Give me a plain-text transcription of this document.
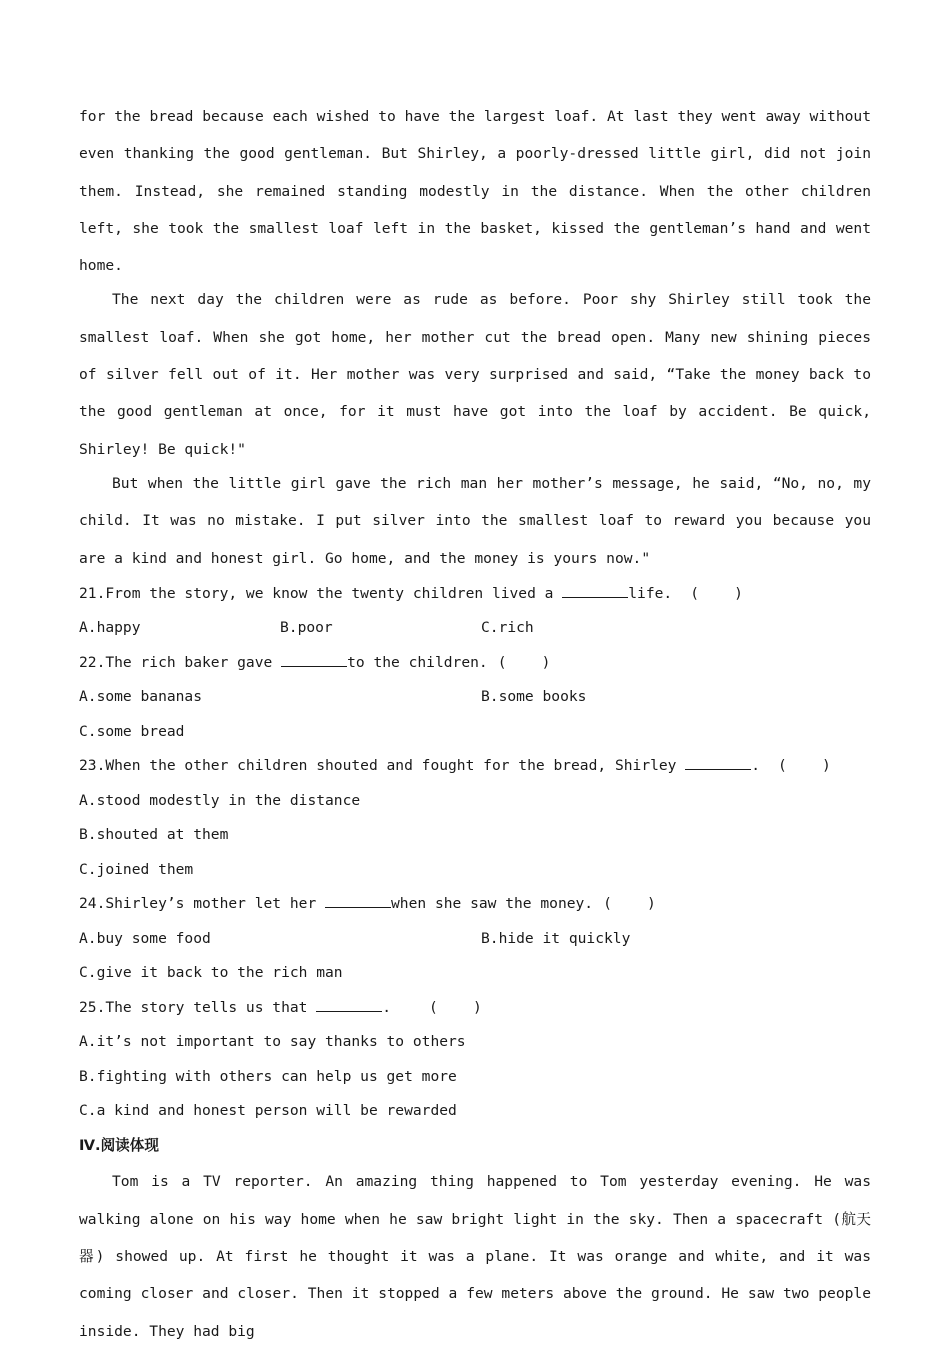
for the bread because each wished to have the largest loaf. At last they went away without even thanking the good gentleman. But Shirley, a poorly-dressed little girl, did not join them. Instead, she remained standing modestly in the distance. When the other children left, she took the smallest loaf left in the basket, kissed the gentleman’s hand and went home.

The next day the children were as rude as before. Poor shy Shirley still took the smallest loaf. When she got home, her mother cut the bread open. Many new shining pieces of silver fell out of it. Her mother was very surprised and said, “Take the money back to the good gentleman at once, for it must have got into the loaf by accident. Be quick, Shirley! Be quick!"

But when the little girl gave the rich man her mother’s message, he said, “No, no, my child. It was no mistake. I put silver into the smallest loaf to reward you because you are a kind and honest girl. Go home, and the money is yours now."

21.From the story, we know the twenty children lived a	life. (    )
A.happy	B.poor	C.rich
22.The rich baker gave	to the children. (    )
A.some bananas	B.some books
C.some bread
23.When the other children shouted and fought for the bread, Shirley	. (    )
A.stood modestly in the distance
B.shouted at them
C.joined them
24.Shirley’s mother let her	when she saw the money. (    )
A.buy some food	B.hide it quickly
C.give it back to the rich man
25.The story tells us that	.	(    )
A.it’s not important to say thanks to others
B.fighting with others can help us get more
C.a kind and honest person will be rewarded
Ⅳ.阅读体现

Tom is a TV reporter. An amazing thing happened to Tom yesterday evening. He was walking alone on his way home when he saw bright light in the sky. Then a spacecraft (航天器) showed up. At first he thought it was a plane. It was orange and white, and it was coming closer and closer. Then it stopped a few meters above the ground. He saw two people inside. They had big
